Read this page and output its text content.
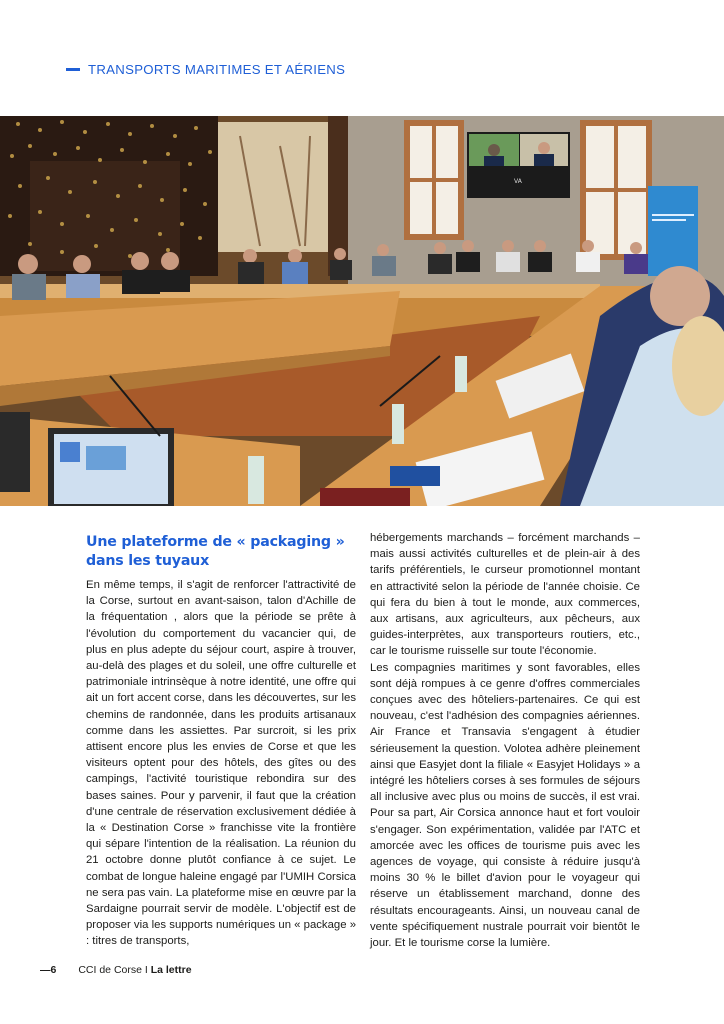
TRANSPORTS MARITIMES ET AÉRIENS
VA
Une plateforme de « packaging » dans les tuyaux

En même temps, il s'agit de renforcer l'attractivité de la Corse, surtout en avant-saison, talon d'Achille de la fréquentation , alors que la période se prête à l'évolution du comportement du vacancier qui, de plus en plus adepte du séjour court, aspire à trouver, au-delà des plages et du soleil, une offre culturelle et patrimoniale intrinsèque à notre identité, une offre qui ait un fort accent corse, dans les découvertes, sur les chemins de randonnée, dans les produits artisanaux comme dans les assiettes. Par surcroit, si les prix attisent encore plus les envies de Corse et que les visiteurs optent pour des hôtels, des gîtes ou des campings, l'activité touristique rebondira sur des bases saines. Pour y parvenir, il faut que la création d'une centrale de réservation exclusivement dédiée à la « Destination Corse » franchisse vite la frontière qui sépare l'intention de la réalisation. La réunion du 21 octobre donne plutôt confiance à ce sujet. Le combat de longue haleine engagé par l'UMIH Corsica ne sera pas vain. La plateforme mise en œuvre par la Sardaigne pourrait servir de modèle. L'objectif est de proposer via les supports numériques un « package » : titres de transports,

hébergements marchands – forcément marchands – mais aussi activités culturelles et de plein-air à des tarifs préférentiels, le curseur promotionnel montant en attractivité selon la période de l'année choisie. Ce qui fera du bien à tout le monde, aux commerces, aux artisans, aux agriculteurs, aux pêcheurs, aux guides-interprètes, aux transporteurs routiers, etc., car le tourisme ruisselle sur toute l'économie.

Les compagnies maritimes y sont favorables, elles sont déjà rompues à ce genre d'offres commerciales conçues avec des hôteliers-partenaires. Ce qui est nouveau, c'est l'adhésion des compagnies aériennes. Air France et Transavia s'engagent à étudier sérieusement la question. Volotea adhère pleinement ainsi que Easyjet dont la filiale « Easyjet Holidays » a intégré les hôteliers corses à ses formules de séjours all inclusive avec plus ou moins de succès, il est vrai. Pour sa part, Air Corsica annonce haut et fort vouloir s'engager. Son expérimentation, validée par l'ATC et amorcée avec les offices de tourisme puis avec les agences de voyage, qui consiste à réduire jusqu'à moins 30 % le billet d'avion pour le voyageur qui réserve un établissement marchand, donne des résultats encourageants. Ainsi, un nouveau canal de vente spécifiquement nustrale pourrait voir bientôt le jour. Et le tourisme corse la lumière.

—6 CCI de Corse I La lettre
